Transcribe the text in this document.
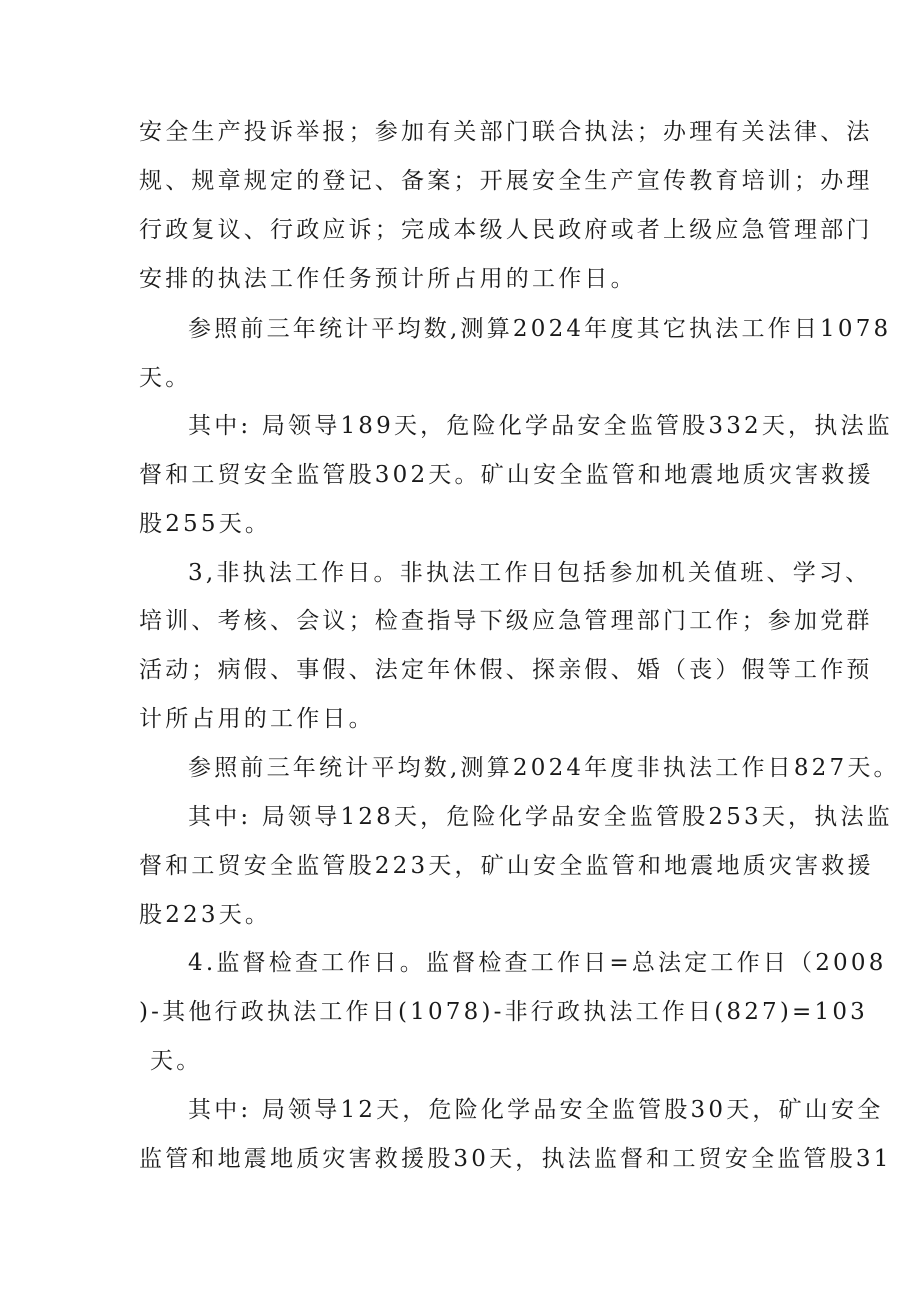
安全生产投诉举报；参加有关部门联合执法；办理有关法律、法
规、规章规定的登记、备案；开展安全生产宣传教育培训；办理
行政复议、行政应诉；完成本级人民政府或者上级应急管理部门
安排的执法工作任务预计所占用的工作日。
参照前三年统计平均数,测算2024年度其它执法工作日1078
天。
其中: 局领导189天，危险化学品安全监管股332天，执法监
督和工贸安全监管股302天。矿山安全监管和地震地质灾害救援
股255天。
3,非执法工作日。非执法工作日包括参加机关值班、学习、
培训、考核、会议；检查指导下级应急管理部门工作；参加党群
活动；病假、事假、法定年休假、探亲假、婚（丧）假等工作预
计所占用的工作日。
参照前三年统计平均数,测算2024年度非执法工作日827天。
其中: 局领导128天，危险化学品安全监管股253天，执法监
督和工贸安全监管股223天，矿山安全监管和地震地质灾害救援
股223天。
4.监督检查工作日。监督检查工作日=总法定工作日（2008
)-其他行政执法工作日(1078)-非行政执法工作日(827)=103
天。
其中: 局领导12天，危险化学品安全监管股30天，矿山安全
监管和地震地质灾害救援股30天，执法监督和工贸安全监管股31
